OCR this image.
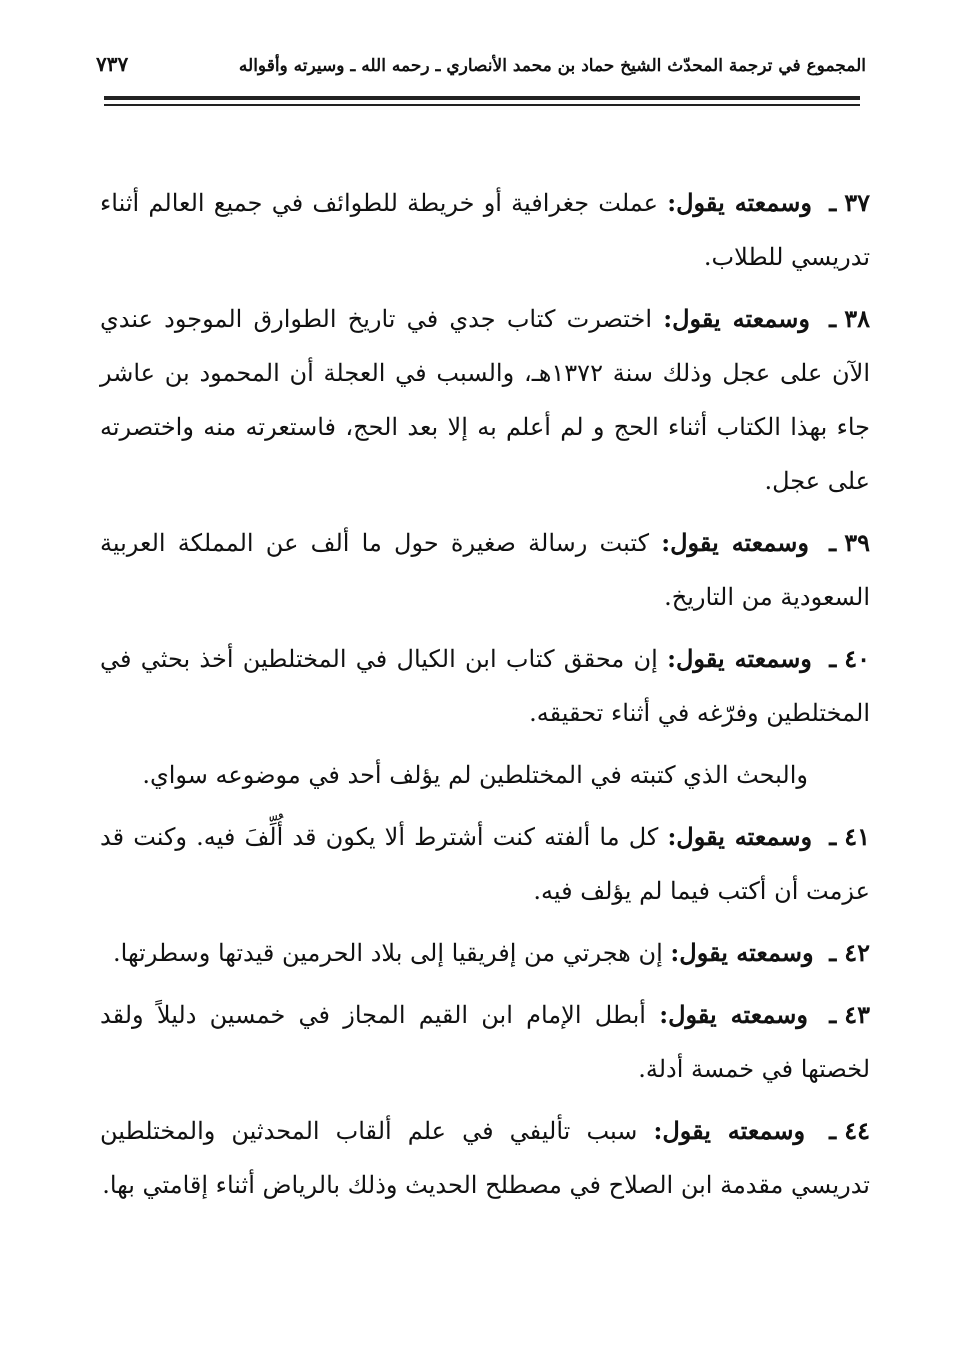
المجموع في ترجمة المحدّث الشيخ حماد بن محمد الأنصاري ـ رحمه الله ـ وسيرته وأقواله
٧٣٧

٣٧ـ وسمعته يقول: عملت جغرافية أو خريطة للطوائف في جميع العالم أثناء تدريسي للطلاب.

٣٨ـ وسمعته يقول: اختصرت كتاب جدي في تاريخ الطوارق الموجود عندي الآن على عجل وذلك سنة ١٣٧٢هـ، والسبب في العجلة أن المحمود بن عاشر جاء بهذا الكتاب أثناء الحج و لم أعلم به إلا بعد الحج، فاستعرته منه واختصرته على عجل.

٣٩ـ وسمعته يقول: كتبت رسالة صغيرة حول ما ألف عن المملكة العربية السعودية من التاريخ.

٤٠ـ وسمعته يقول: إن محقق كتاب ابن الكيال في المختلطين أخذ بحثي في المختلطين وفرّغه في أثناء تحقيقه.

والبحث الذي كتبته في المختلطين لم يؤلف أحد في موضوعه سواي.

٤١ـ وسمعته يقول: كل ما ألفته كنت أشترط ألا يكون قد أُلِّفَ فيه. وكنت قد عزمت أن أكتب فيما لم يؤلف فيه.

٤٢ـ وسمعته يقول: إن هجرتي من إفريقيا إلى بلاد الحرمين قيدتها وسطرتها.

٤٣ـ وسمعته يقول: أبطل الإمام ابن القيم المجاز في خمسين دليلاً ولقد لخصتها في خمسة أدلة.

٤٤ـ وسمعته يقول: سبب تأليفي في علم ألقاب المحدثين والمختلطين تدريسي مقدمة ابن الصلاح في مصطلح الحديث وذلك بالرياض أثناء إقامتي بها.
